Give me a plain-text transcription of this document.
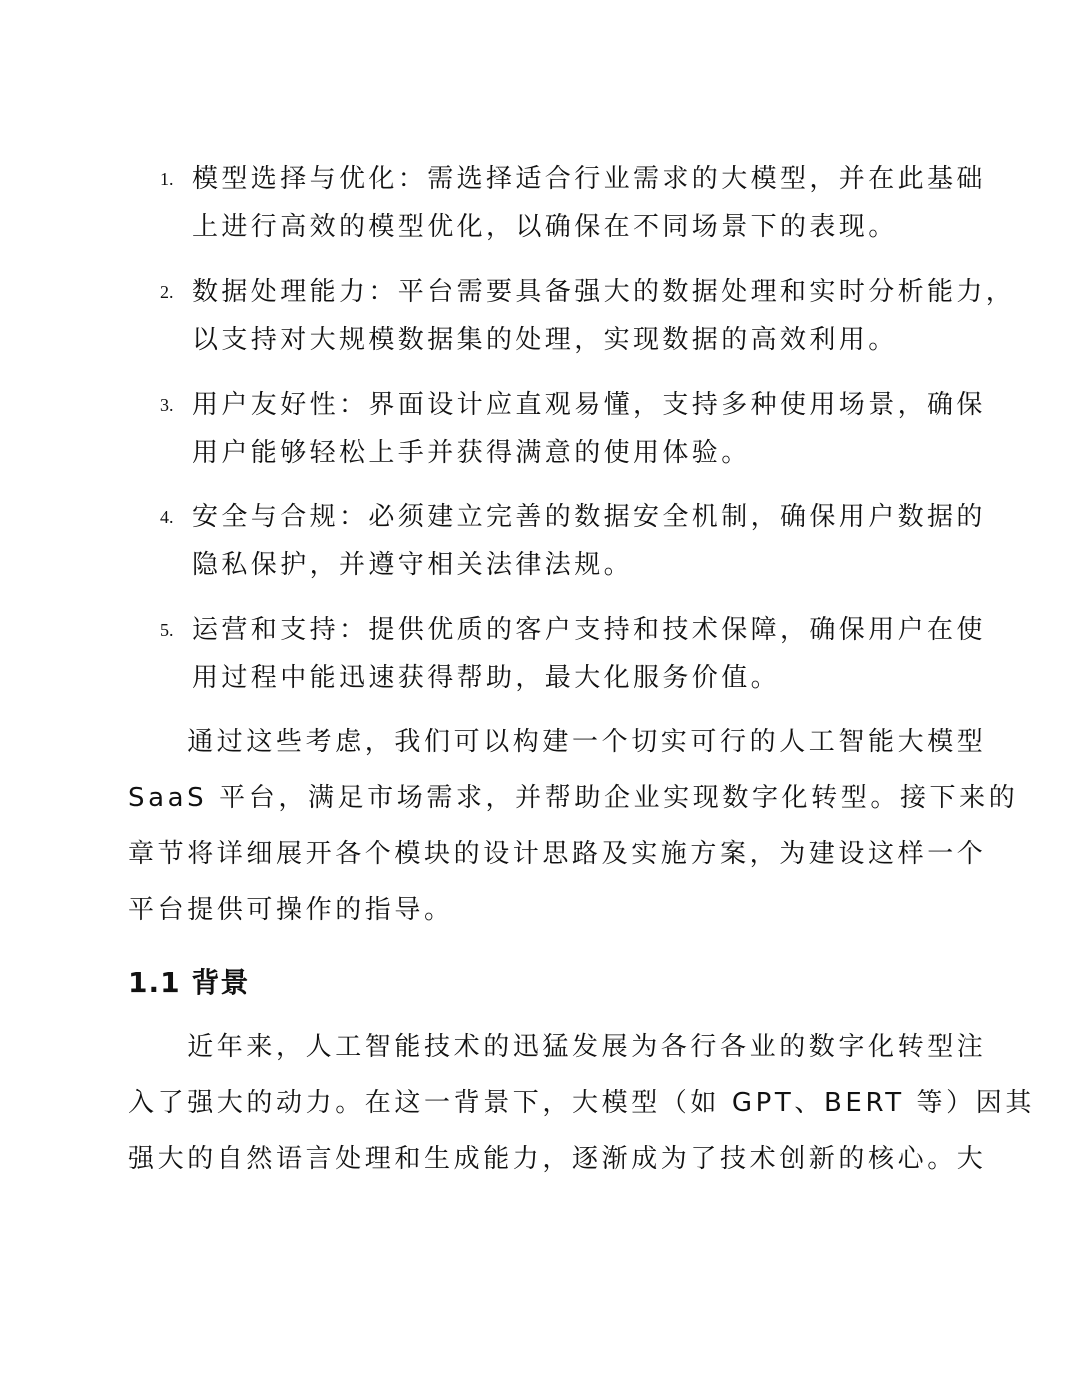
1. 模型选择与优化：需选择适合行业需求的大模型，并在此基础
上进行高效的模型优化，以确保在不同场景下的表现。
2. 数据处理能力：平台需要具备强大的数据处理和实时分析能力，
以支持对大规模数据集的处理，实现数据的高效利用。
3. 用户友好性：界面设计应直观易懂，支持多种使用场景，确保
用户能够轻松上手并获得满意的使用体验。
4. 安全与合规：必须建立完善的数据安全机制，确保用户数据的
隐私保护，并遵守相关法律法规。
5. 运营和支持：提供优质的客户支持和技术保障，确保用户在使
用过程中能迅速获得帮助，最大化服务价值。
　　通过这些考虑，我们可以构建一个切实可行的人工智能大模型
SaaS 平台，满足市场需求，并帮助企业实现数字化转型。接下来的
章节将详细展开各个模块的设计思路及实施方案，为建设这样一个
平台提供可操作的指导。
1.1 背景
　　近年来，人工智能技术的迅猛发展为各行各业的数字化转型注
入了强大的动力。在这一背景下，大模型（如 GPT、BERT 等）因其
强大的自然语言处理和生成能力，逐渐成为了技术创新的核心。大
